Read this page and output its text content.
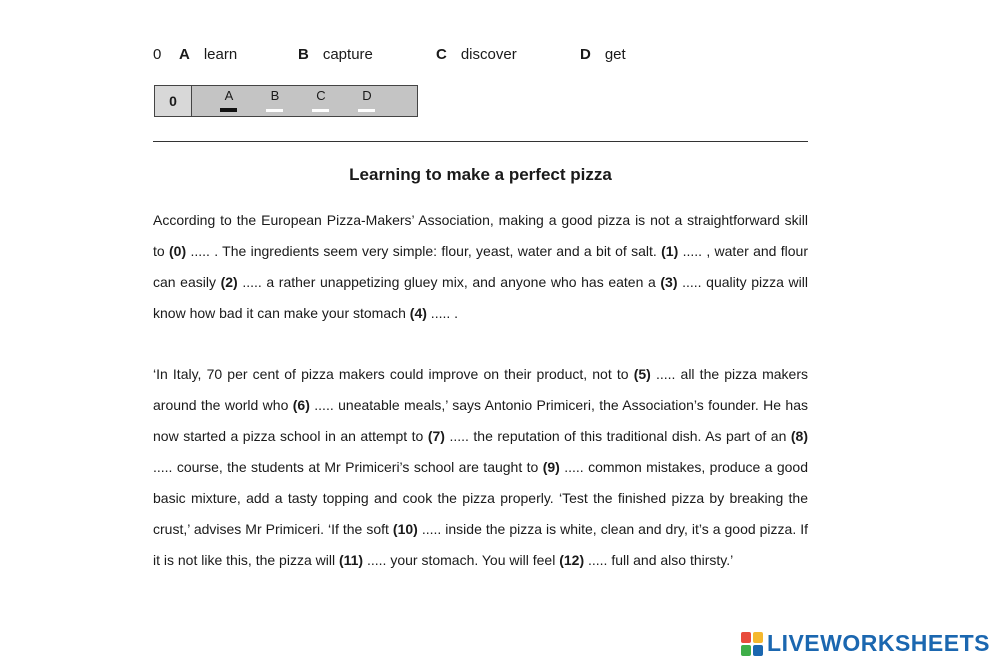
0 A learn	B capture	C discover	D get
0	A	B	C	D
Learning to make a perfect pizza

According to the European Pizza-Makers’ Association, making a good pizza is not a straightforward skill to (0) ..... . The ingredients seem very simple: flour, yeast, water and a bit of salt. (1) ..... , water and flour can easily (2) ..... a rather unappetizing gluey mix, and anyone who has eaten a (3) ..... quality pizza will know how bad it can make your stomach (4) ..... .

‘In Italy, 70 per cent of pizza makers could improve on their product, not to (5) ..... all the pizza makers around the world who (6) ..... uneatable meals,’ says Antonio Primiceri, the Association’s founder. He has now started a pizza school in an attempt to (7) ..... the reputation of this traditional dish. As part of an (8) ..... course, the students at Mr Primiceri’s school are taught to (9) ..... common mistakes, produce a good basic mixture, add a tasty topping and cook the pizza properly. ‘Test the finished pizza by breaking the crust,’ advises Mr Primiceri. ‘If the soft (10) ..... inside the pizza is white, clean and dry, it’s a good pizza. If it is not like this, the pizza will (11) ..... your stomach. You will feel (12) ..... full and also thirsty.’

LIVEWORKSHEETS
